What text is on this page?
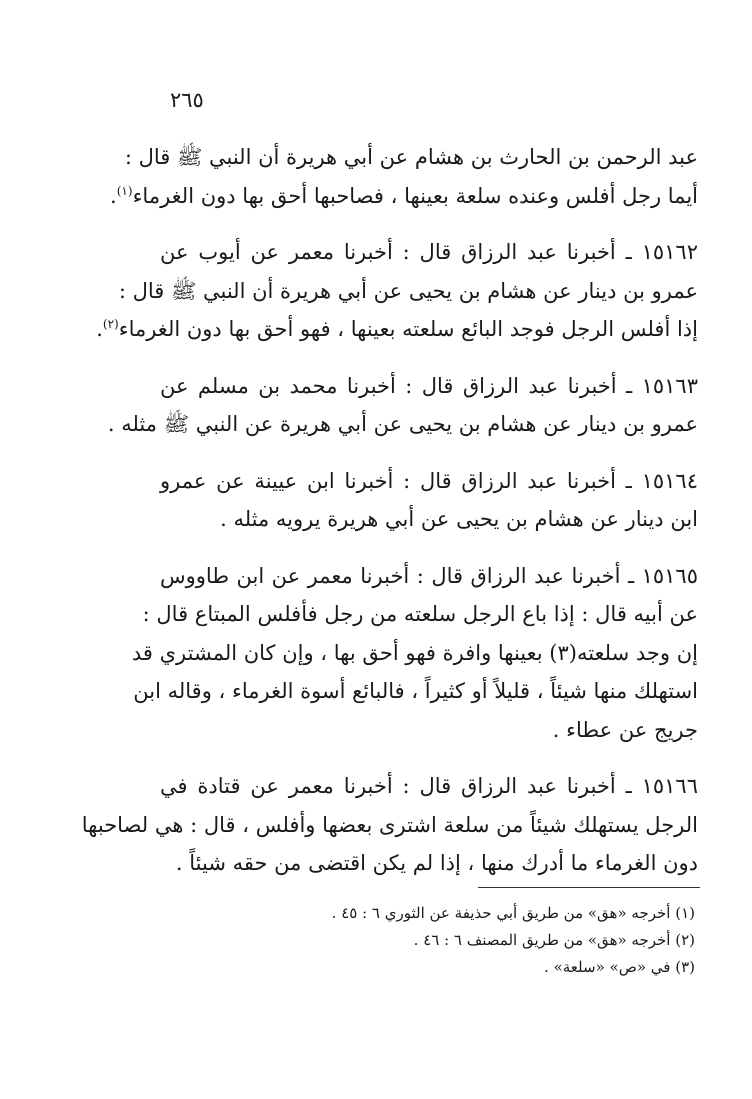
٢٦٥

عبد الرحمن بن الحارث بن هشام عن أبي هريرة أن النبي ﷺ قال :
أيما رجل أفلس وعنده سلعة بعينها ، فصاحبها أحق بها دون الغرماء$^{(١)}$.

١٥١٦٢ ـ أخبرنا عبد الرزاق قال : أخبرنا معمر عن أيوب عن
عمرو بن دينار عن هشام بن يحيى عن أبي هريرة أن النبي ﷺ قال :
إذا أفلس الرجل فوجد البائع سلعته بعينها ، فهو أحق بها دون الغرماء$^{(٢)}$.

١٥١٦٣ ـ أخبرنا عبد الرزاق قال : أخبرنا محمد بن مسلم عن
عمرو بن دينار عن هشام بن يحيى عن أبي هريرة عن النبي ﷺ مثله .

١٥١٦٤ ـ أخبرنا عبد الرزاق قال : أخبرنا ابن عيينة عن عمرو
ابن دينار عن هشام بن يحيى عن أبي هريرة يرويه مثله .

١٥١٦٥ ـ أخبرنا عبد الرزاق قال : أخبرنا معمر عن ابن طاووس
عن أبيه قال : إذا باع الرجل سلعته من رجل فأفلس المبتاع قال :
إن وجد سلعته(٣) بعينها وافرة فهو أحق بها ، وإن كان المشتري قد
استهلك منها شيئاً ، قليلاً أو كثيراً ، فالبائع أسوة الغرماء ، وقاله ابن
جريج عن عطاء .

١٥١٦٦ ـ أخبرنا عبد الرزاق قال : أخبرنا معمر عن قتادة في
الرجل يستهلك شيئاً من سلعة اشترى بعضها وأفلس ، قال : هي لصاحبها
دون الغرماء ما أدرك منها ، إذا لم يكن اقتضى من حقه شيئاً .

(١) أخرجه «هق» من طريق أبي حذيفة عن الثوري ٦ : ٤٥ .
(٢) أخرجه «هق» من طريق المصنف ٦ : ٤٦ .
(٣) في «ص» «سلعة» .
